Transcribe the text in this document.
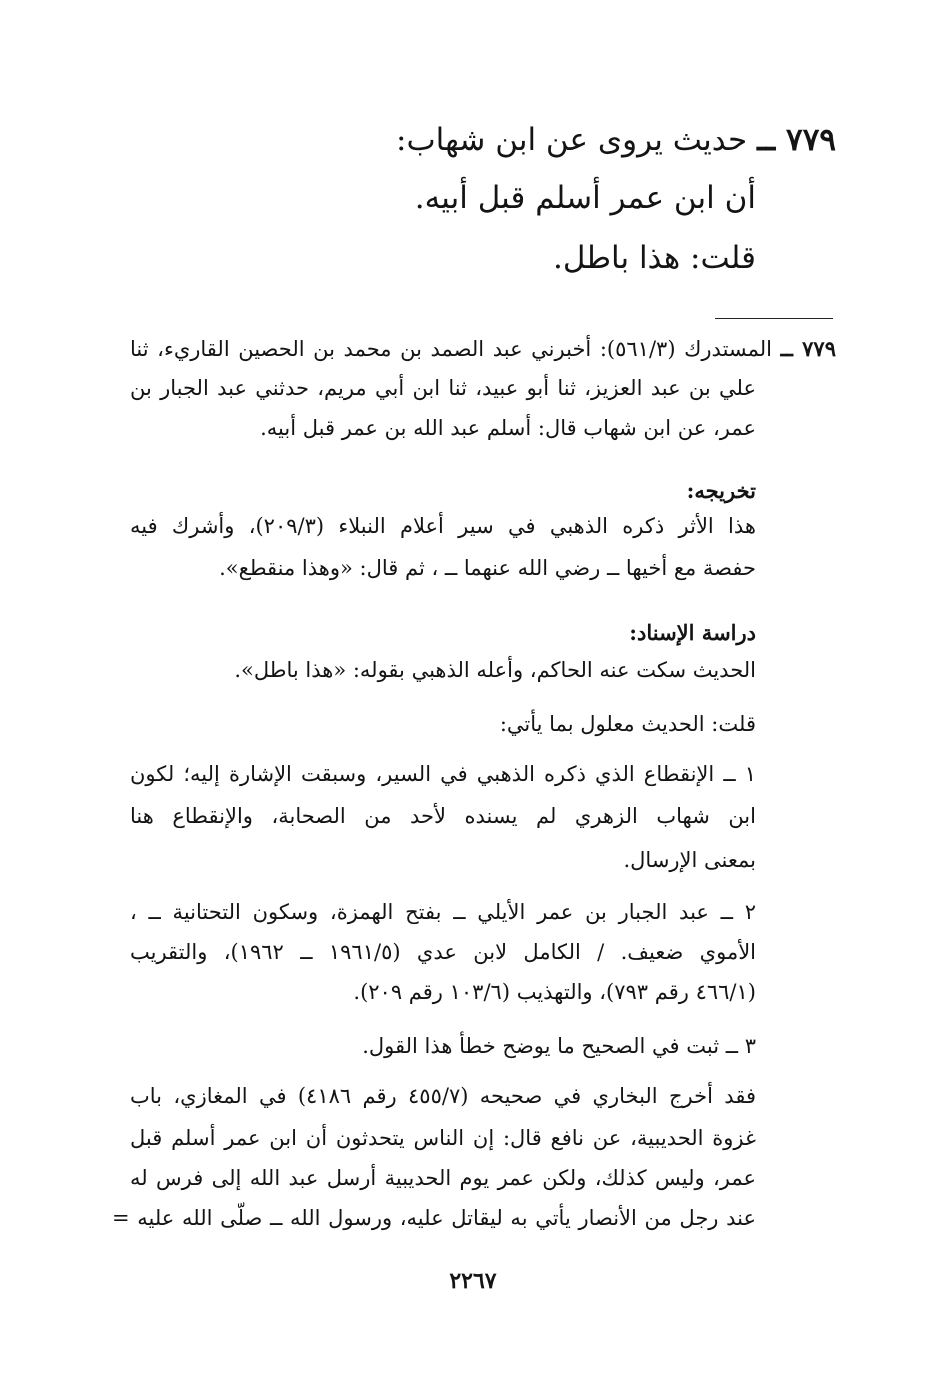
٧٧٩ ــ حديث يروى عن ابن شهاب:
أن ابن عمر أسلم قبل أبيه.
قلت: هذا باطل.
٧٧٩ ــ المستدرك (٥٦١/٣): أخبرني عبد الصمد بن محمد بن الحصين القاريء، ثنا
علي بن عبد العزيز، ثنا أبو عبيد، ثنا ابن أبي مريم، حدثني عبد الجبار بن
عمر، عن ابن شهاب قال: أسلم عبد الله بن عمر قبل أبيه.
تخريجه:
هذا الأثر ذكره الذهبي في سير أعلام النبلاء (٢٠٩/٣)، وأشرك فيه
حفصة مع أخيها ــ رضي الله عنهما ــ ، ثم قال: «وهذا منقطع».
دراسة الإسناد:
الحديث سكت عنه الحاكم، وأعله الذهبي بقوله: «هذا باطل».
قلت: الحديث معلول بما يأتي:
١ ــ الإنقطاع الذي ذكره الذهبي في السير، وسبقت الإشارة إليه؛ لكون
ابن شهاب الزهري لم يسنده لأحد من الصحابة، والإنقطاع هنا
بمعنى الإرسال.
٢ ــ عبد الجبار بن عمر الأيلي ــ بفتح الهمزة، وسكون التحتانية ــ ،
الأموي ضعيف. / الكامل لابن عدي (١٩٦١/٥ ــ ١٩٦٢)، والتقريب
(٤٦٦/١ رقم ٧٩٣)، والتهذيب (١٠٣/٦ رقم ٢٠٩).
٣ ــ ثبت في الصحيح ما يوضح خطأ هذا القول.
فقد أخرج البخاري في صحيحه (٤٥٥/٧ رقم ٤١٨٦) في المغازي، باب
غزوة الحديبية، عن نافع قال: إن الناس يتحدثون أن ابن عمر أسلم قبل
عمر، وليس كذلك، ولكن عمر يوم الحديبية أرسل عبد الله إلى فرس له
عند رجل من الأنصار يأتي به ليقاتل عليه، ورسول الله ــ صلّى الله عليه =
٢٢٦٧
